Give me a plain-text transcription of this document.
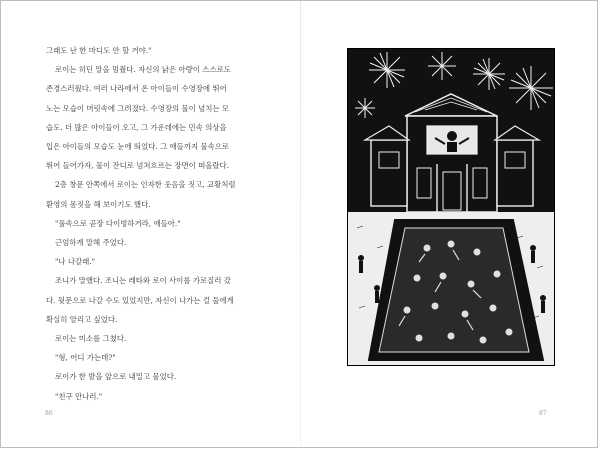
그래도 난 한 마디도 안 할 거야."

로이는 히딘 말을 멈췄다. 자신의 낡은 아량이 스스로도

존경스러웠다. 여러 나라에서 온 아이들이 수영장에 뛰어

노는 모습이 머릿속에 그려졌다. 수영장의 물이 넘치는 모

습도. 더 많은 아이들이 오고, 그 가운데에는 민속 의상을

입은 아이들의 모습도 눈에 띄었다. 그 애들까지 물속으로

뛰어 들어가자, 물이 잔디로 넘쳐흐르는 장면이 떠올랐다.

2층 창문 안쪽에서 로이는 인자한 웃음을 짓고, 교황처럼

환영의 몸짓을 해 보이기도 했다.

"풀속으로 곧장 다이빙하거라, 애들아."

근엄하게 말해 주었다.

"나 나갈래."

조니가 말했다. 조니는 레타와 로이 사이를 가로질러 갔

다. 뒷문으로 나갈 수도 있었지만, 자신이 나가는 걸 둘에게

확실히 알리고 싶었다.

로이는 미소를 그쳤다.

"형, 어디 가는데?"

로이가 한 발을 앞으로 내밀고 물었다.

"친구 만나러."

86	87
